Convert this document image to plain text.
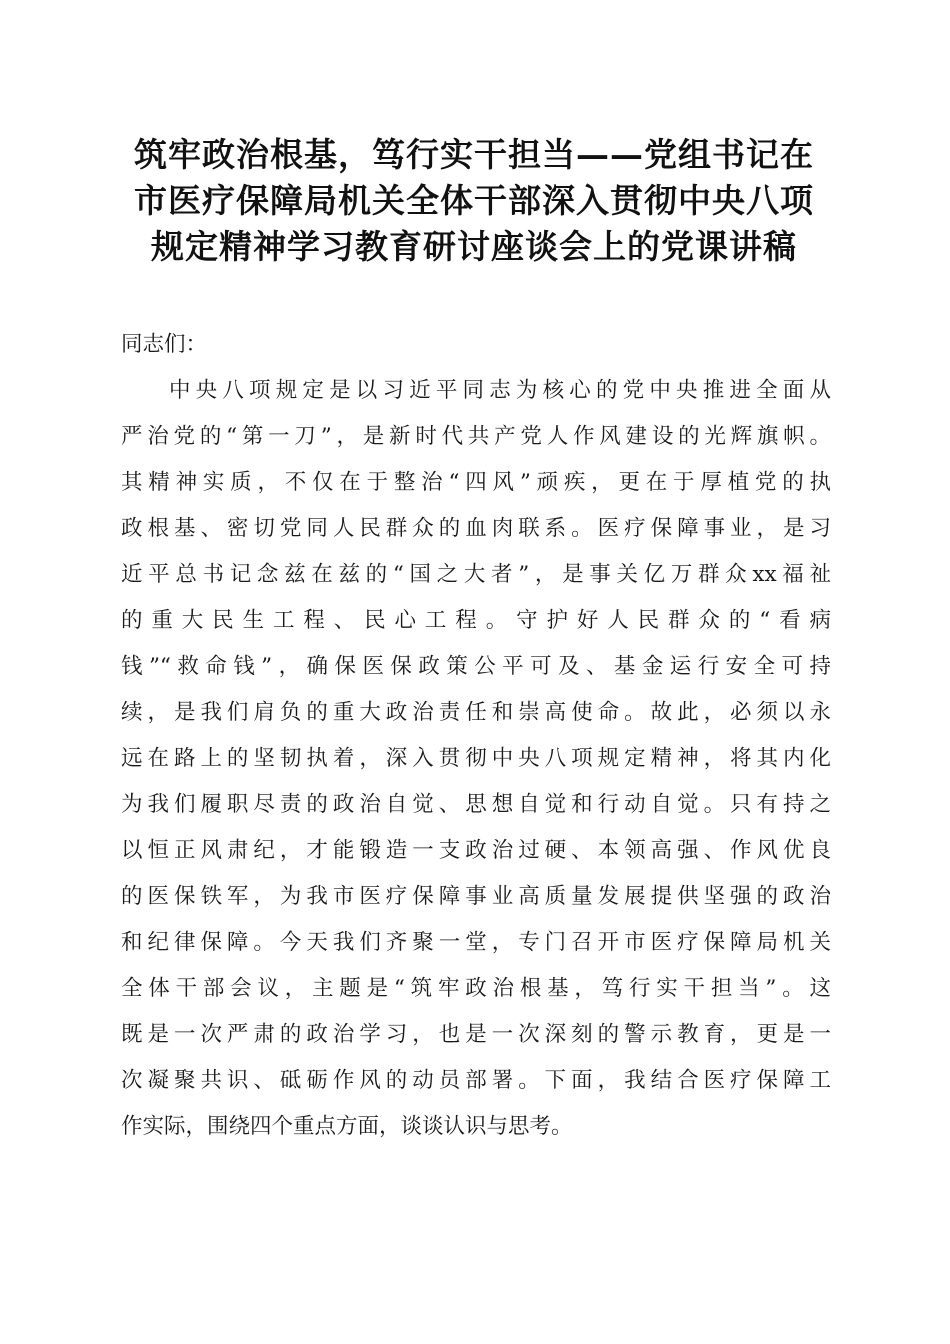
筑牢政治根基，笃行实干担当——党组书记在
市医疗保障局机关全体干部深入贯彻中央八项
规定精神学习教育研讨座谈会上的党课讲稿

同志们：

中央八项规定是以习近平同志为核心的党中央推进全面从
严治党的“第一刀”，是新时代共产党人作风建设的光辉旗帜。
其精神实质，不仅在于整治“四风”顽疾，更在于厚植党的执
政根基、密切党同人民群众的血肉联系。医疗保障事业，是习
近平总书记念兹在兹的“国之大者”，是事关亿万群众xx福祉
的重大民生工程、民心工程。守护好人民群众的“看病
钱”“救命钱”，确保医保政策公平可及、基金运行安全可持
续，是我们肩负的重大政治责任和崇高使命。故此，必须以永
远在路上的坚韧执着，深入贯彻中央八项规定精神，将其内化
为我们履职尽责的政治自觉、思想自觉和行动自觉。只有持之
以恒正风肃纪，才能锻造一支政治过硬、本领高强、作风优良
的医保铁军，为我市医疗保障事业高质量发展提供坚强的政治
和纪律保障。今天我们齐聚一堂，专门召开市医疗保障局机关
全体干部会议，主题是“筑牢政治根基，笃行实干担当”。这
既是一次严肃的政治学习，也是一次深刻的警示教育，更是一
次凝聚共识、砥砺作风的动员部署。下面，我结合医疗保障工
作实际，围绕四个重点方面，谈谈认识与思考。
